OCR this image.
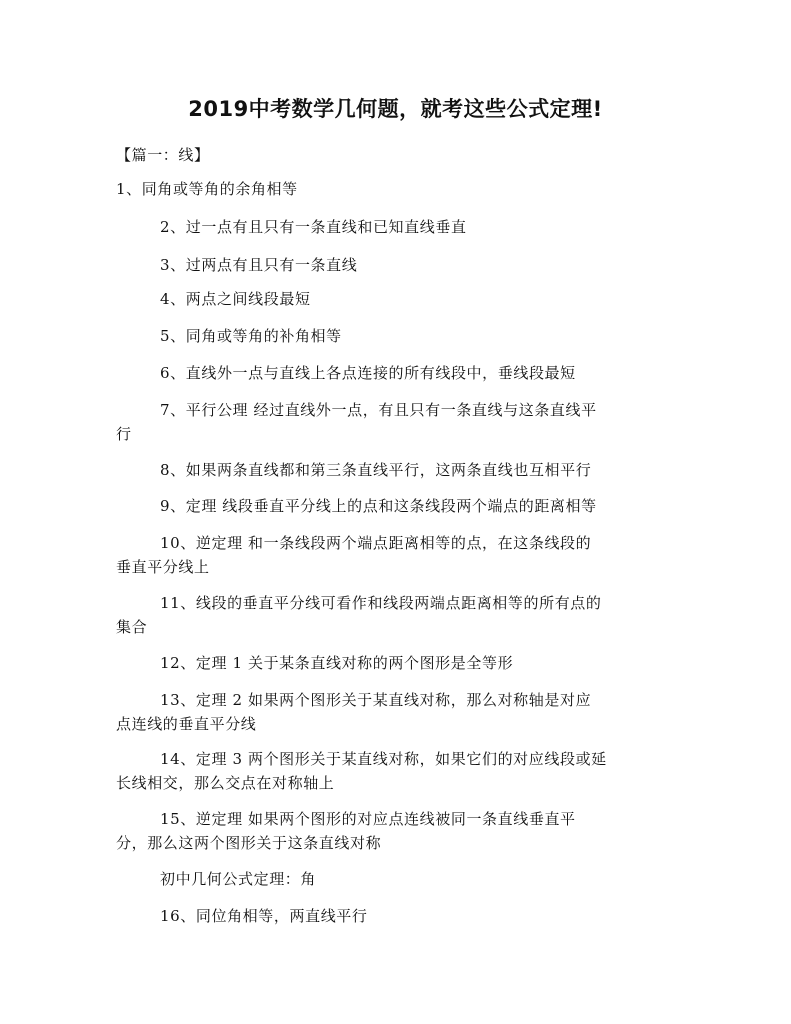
2019中考数学几何题，就考这些公式定理!
【篇一：线】
1、同角或等角的余角相等
2、过一点有且只有一条直线和已知直线垂直
3、过两点有且只有一条直线
4、两点之间线段最短
5、同角或等角的补角相等
6、直线外一点与直线上各点连接的所有线段中，垂线段最短
7、平行公理 经过直线外一点，有且只有一条直线与这条直线平
行
8、如果两条直线都和第三条直线平行，这两条直线也互相平行
9、定理 线段垂直平分线上的点和这条线段两个端点的距离相等
10、逆定理 和一条线段两个端点距离相等的点，在这条线段的
垂直平分线上
11、线段的垂直平分线可看作和线段两端点距离相等的所有点的
集合
12、定理 1 关于某条直线对称的两个图形是全等形
13、定理 2 如果两个图形关于某直线对称，那么对称轴是对应
点连线的垂直平分线
14、定理 3 两个图形关于某直线对称，如果它们的对应线段或延
长线相交，那么交点在对称轴上
15、逆定理 如果两个图形的对应点连线被同一条直线垂直平
分，那么这两个图形关于这条直线对称
初中几何公式定理：角
16、同位角相等，两直线平行
